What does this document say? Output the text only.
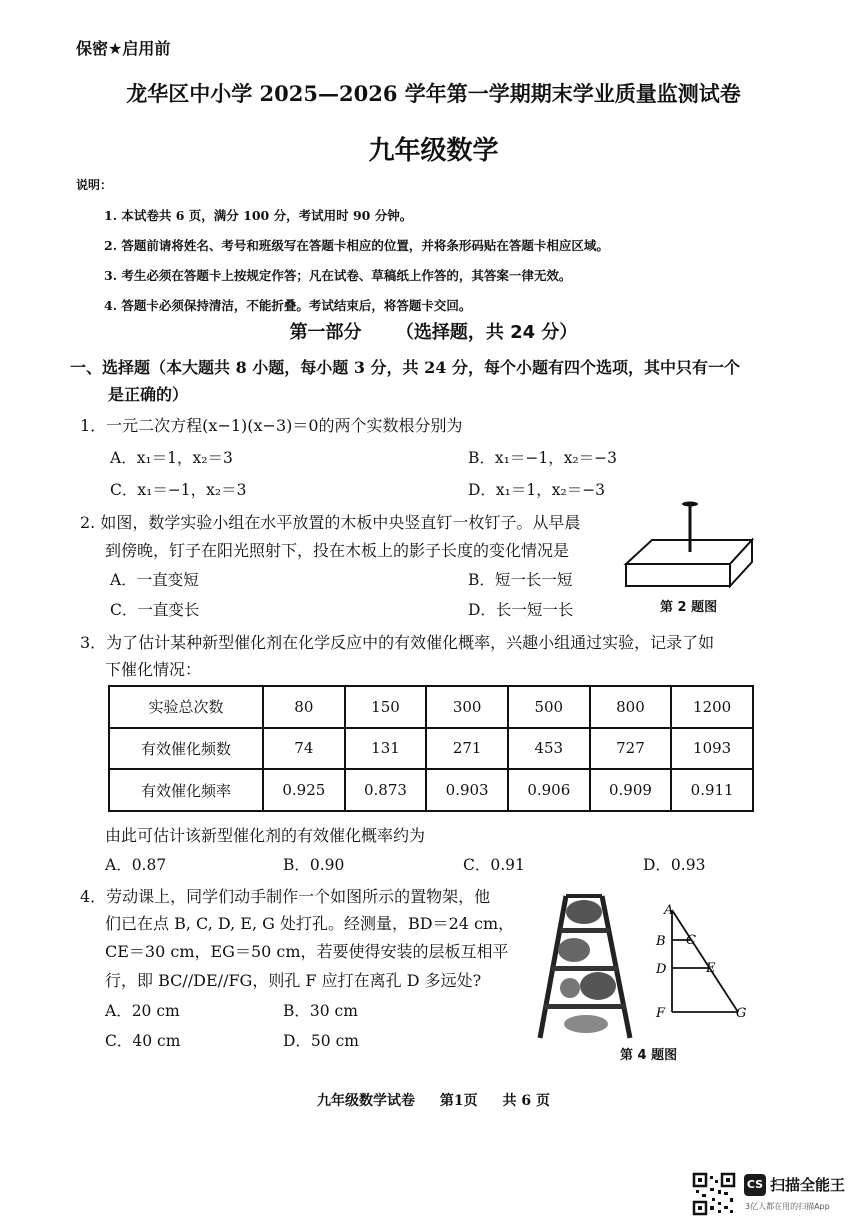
保密★启用前
龙华区中小学 2025—2026 学年第一学期期末学业质量监测试卷
九年级数学
说明：
1. 本试卷共 6 页，满分 100 分，考试用时 90 分钟。
2. 答题前请将姓名、考号和班级写在答题卡相应的位置，并将条形码贴在答题卡相应区域。
3. 考生必须在答题卡上按规定作答；凡在试卷、草稿纸上作答的，其答案一律无效。
4. 答题卡必须保持清洁，不能折叠。考试结束后，将答题卡交回。
第一部分 （选择题，共 24 分）
一、选择题（本大题共 8 小题，每小题 3 分，共 24 分，每个小题有四个选项，其中只有一个
是正确的）
1．一元二次方程(x−1)(x−3)＝0的两个实数根分别为
A．x₁＝1，x₂＝3	B．x₁＝−1，x₂＝−3
C．x₁＝−1，x₂＝3	D．x₁＝1，x₂＝−3
2. 如图，数学实验小组在水平放置的木板中央竖直钉一枚钉子。从早晨
到傍晚，钉子在阳光照射下，投在木板上的影子长度的变化情况是
A．一直变短	B．短一长一短
C．一直变长	D．长一短一长	第 2 题图
3．为了估计某种新型催化剂在化学反应中的有效催化概率，兴趣小组通过实验，记录了如
下催化情况：
实验总次数	80	150	300	500	800	1200
有效催化频数	74	131	271	453	727	1093
有效催化频率	0.925	0.873	0.903	0.906	0.909	0.911
由此可估计该新型催化剂的有效催化概率约为
A．0.87	B．0.90	C．0.91	D．0.93
4．劳动课上，同学们动手制作一个如图所示的置物架，他
们已在点 B, C, D, E, G 处打孔。经测量，BD＝24 cm，
CE＝30 cm，EG＝50 cm，若要使得安装的层板互相平
行，即 BC//DE//FG，则孔 F 应打在离孔 D 多远处?
A．20 cm	B．30 cm
C．40 cm	D．50 cm
A
B C
D	E
F	G
第 4 题图
九年级数学试卷 第1页 共 6 页
CS 扫描全能王
3亿人都在用的扫描App
